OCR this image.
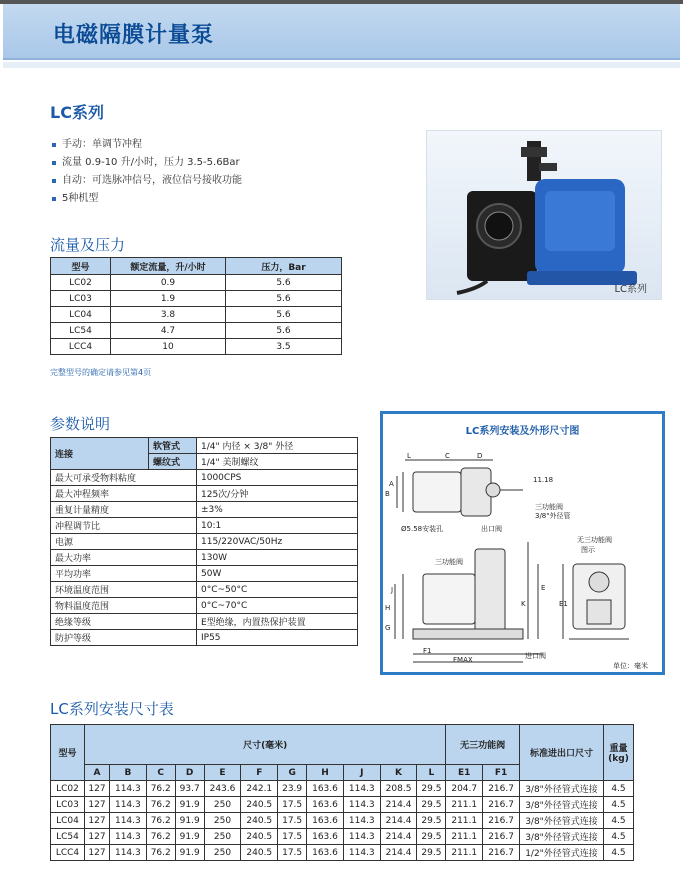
电磁隔膜计量泵
LC系列
手动：单调节冲程
流量 0.9-10 升/小时，压力 3.5-5.6Bar
自动：可选脉冲信号，液位信号接收功能
5种机型
LC系列
流量及压力
型号	额定流量，升/小时	压力，Bar
LC02	0.9	5.6
LC03	1.9	5.6
LC04	3.8	5.6
LC54	4.7	5.6
LCC4	10	3.5
完整型号的确定请参见第4页
参数说明
连接	软管式	1/4" 内径 × 3/8" 外径
	螺纹式	1/4" 美制螺纹
最大可承受物料粘度		1000CPS
最大冲程频率		125次/分钟
重复计量精度		±3%
冲程调节比		10:1
电源		115/220VAC/50Hz
最大功率		130W
平均功率		50W
环境温度范围		0°C~50°C
物料温度范围		0°C~70°C
绝缘等级		E型绝缘，内置热保护装置
防护等级		IP55
LC系列安装及外形尺寸图
L	C	D
A
B
11.18
三功能阀
3/8"外径管
Ø5.58安装孔	出口阀
三功能阀
无三功能阀
图示
J
H
G
K
E
E1
F1
FMAX	进口阀
单位：毫米
LC系列安装尺寸表
型号	尺寸(毫米)											无三功能阀		标准进出口尺寸	重量(kg)
	A	B	C	D	E	F	G	H	J	K	L	E1	F1		
LC02	127	114.3	76.2	93.7	243.6	242.1	23.9	163.6	114.3	208.5	29.5	204.7	216.7	3/8"外径管式连接	4.5
LC03	127	114.3	76.2	91.9	250	240.5	17.5	163.6	114.3	214.4	29.5	211.1	216.7	3/8"外径管式连接	4.5
LC04	127	114.3	76.2	91.9	250	240.5	17.5	163.6	114.3	214.4	29.5	211.1	216.7	3/8"外径管式连接	4.5
LC54	127	114.3	76.2	91.9	250	240.5	17.5	163.6	114.3	214.4	29.5	211.1	216.7	3/8"外径管式连接	4.5
LCC4	127	114.3	76.2	91.9	250	240.5	17.5	163.6	114.3	214.4	29.5	211.1	216.7	1/2"外径管式连接	4.5
